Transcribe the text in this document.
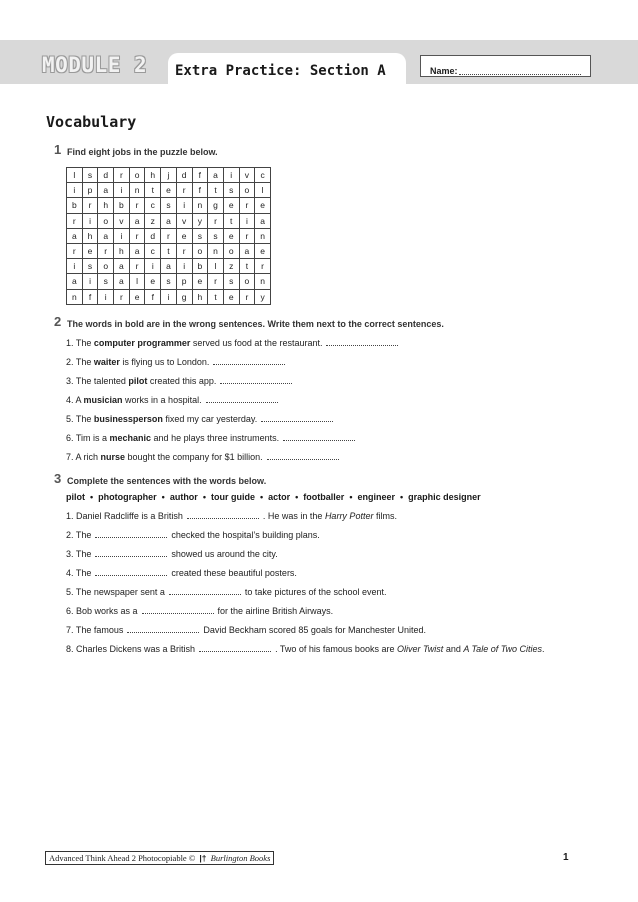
MODULE 2 Extra Practice: Section A	Name:
Vocabulary
1 Find eight jobs in the puzzle below.
l	s	d	r	o	h	j	d	f	a	i	v	c
i	p	a	i	n	t	e	r	f	t	s	o	l
b	r	h	b	r	c	s	i	n	g	e	r	e
r	i	o	v	a	z	a	v	y	r	t	i	a
a	h	a	i	r	d	r	e	s	s	e	r	n
r	e	r	h	a	c	t	r	o	n	o	a	e
i	s	o	a	r	i	a	i	b	l	z	t	r
a	i	s	a	l	e	s	p	e	r	s	o	n
n	f	i	r	e	f	i	g	h	t	e	r	y
2 The words in bold are in the wrong sentences. Write them next to the correct sentences.
1. The computer programmer served us food at the restaurant.
2. The waiter is flying us to London.
3. The talented pilot created this app.
4. A musician works in a hospital.
5. The businessperson fixed my car yesterday.
6. Tim is a mechanic and he plays three instruments.
7. A rich nurse bought the company for $1 billion.
3 Complete the sentences with the words below.
pilot • photographer • author • tour guide • actor • footballer • engineer • graphic designer
1. Daniel Radcliffe is a British	. He was in the Harry Potter films.
2. The	checked the hospital’s building plans.
3. The	showed us around the city.
4. The	created these beautiful posters.
5. The newspaper sent a	to take pictures of the school event.
6. Bob works as a	for the airline British Airways.
7. The famous	David Beckham scored 85 goals for Manchester United.
8. Charles Dickens was a British	. Two of his famous books are Oliver Twist and A Tale of Two Cities.
Advanced Think Ahead 2 Photocopiable © |† Burlington Books	1
